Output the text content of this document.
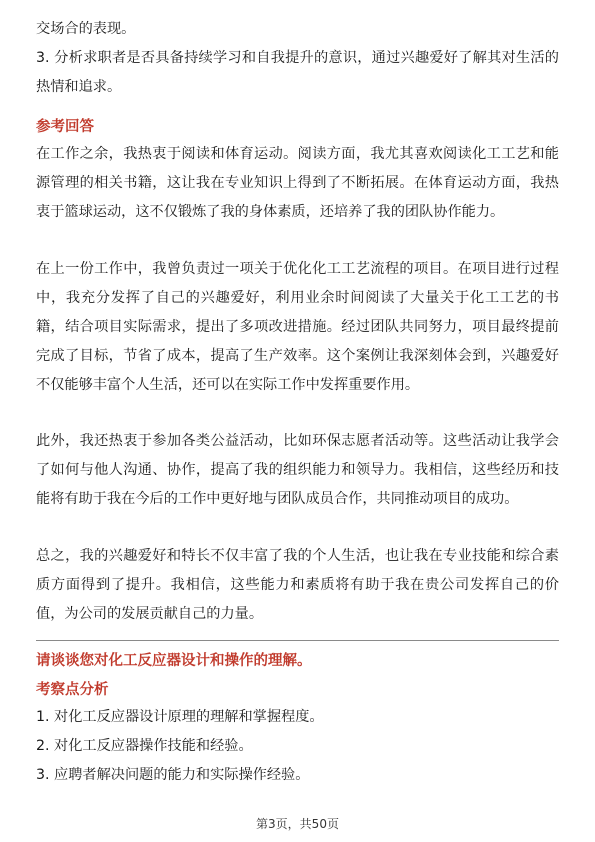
交场合的表现。
3. 分析求职者是否具备持续学习和自我提升的意识，通过兴趣爱好了解其对生活的
热情和追求。
参考回答
在工作之余，我热衷于阅读和体育运动。阅读方面，我尤其喜欢阅读化工工艺和能
源管理的相关书籍，这让我在专业知识上得到了不断拓展。在体育运动方面，我热
衷于篮球运动，这不仅锻炼了我的身体素质，还培养了我的团队协作能力。
在上一份工作中，我曾负责过一项关于优化化工工艺流程的项目。在项目进行过程
中，我充分发挥了自己的兴趣爱好，利用业余时间阅读了大量关于化工工艺的书
籍，结合项目实际需求，提出了多项改进措施。经过团队共同努力，项目最终提前
完成了目标，节省了成本，提高了生产效率。这个案例让我深刻体会到，兴趣爱好
不仅能够丰富个人生活，还可以在实际工作中发挥重要作用。
此外，我还热衷于参加各类公益活动，比如环保志愿者活动等。这些活动让我学会
了如何与他人沟通、协作，提高了我的组织能力和领导力。我相信，这些经历和技
能将有助于我在今后的工作中更好地与团队成员合作，共同推动项目的成功。
总之，我的兴趣爱好和特长不仅丰富了我的个人生活，也让我在专业技能和综合素
质方面得到了提升。我相信，这些能力和素质将有助于我在贵公司发挥自己的价
值，为公司的发展贡献自己的力量。
请谈谈您对化工反应器设计和操作的理解。
考察点分析
1. 对化工反应器设计原理的理解和掌握程度。
2. 对化工反应器操作技能和经验。
3. 应聘者解决问题的能力和实际操作经验。
第3页，共50页
